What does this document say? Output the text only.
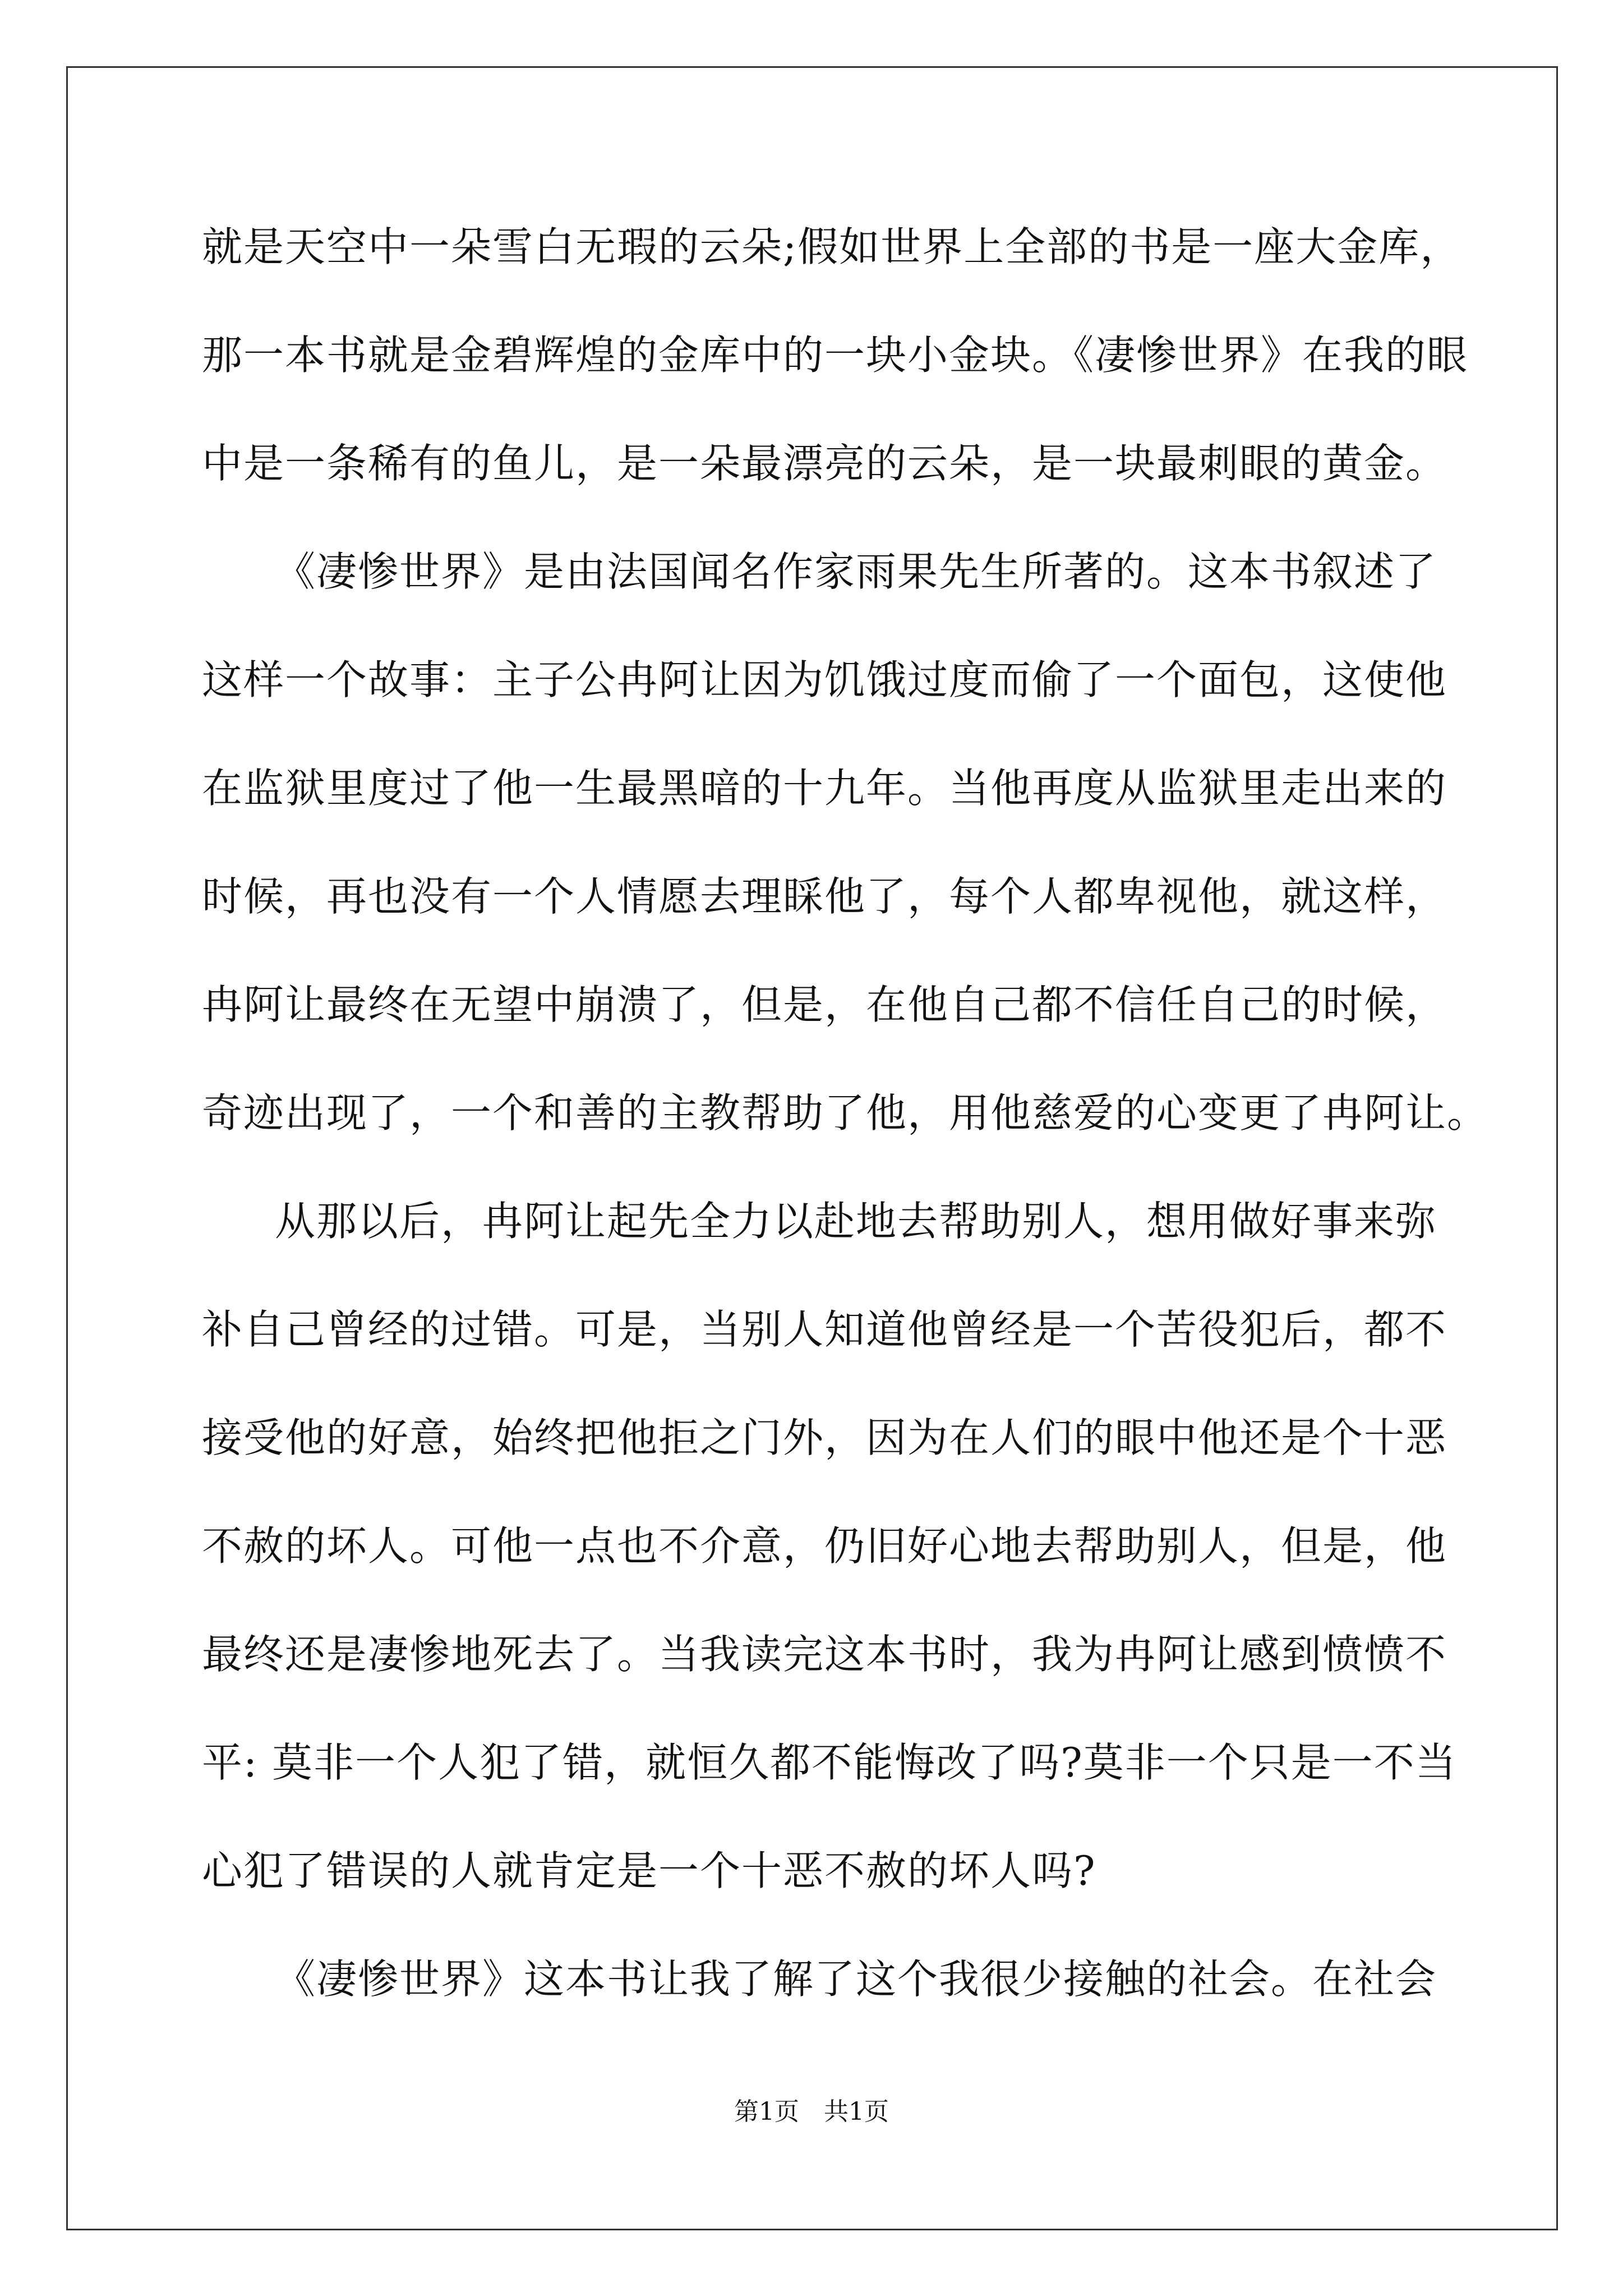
就是天空中一朵雪白无瑕的云朵;假如世界上全部的书是一座大金库，
那一本书就是金碧辉煌的金库中的一块小金块。《凄惨世界》在我的眼
中是一条稀有的鱼儿，是一朵最漂亮的云朵，是一块最刺眼的黄金。
《凄惨世界》是由法国闻名作家雨果先生所著的。这本书叙述了
这样一个故事：主子公冉阿让因为饥饿过度而偷了一个面包，这使他
在监狱里度过了他一生最黑暗的十九年。当他再度从监狱里走出来的
时候，再也没有一个人情愿去理睬他了，每个人都卑视他，就这样，
冉阿让最终在无望中崩溃了，但是，在他自己都不信任自己的时候，
奇迹出现了，一个和善的主教帮助了他，用他慈爱的心变更了冉阿让。
从那以后，冉阿让起先全力以赴地去帮助别人，想用做好事来弥
补自己曾经的过错。可是，当别人知道他曾经是一个苦役犯后，都不
接受他的好意，始终把他拒之门外，因为在人们的眼中他还是个十恶
不赦的坏人。可他一点也不介意，仍旧好心地去帮助别人，但是，他
最终还是凄惨地死去了。当我读完这本书时，我为冉阿让感到愤愤不
平: 莫非一个人犯了错，就恒久都不能悔改了吗?莫非一个只是一不当
心犯了错误的人就肯定是一个十恶不赦的坏人吗?
《凄惨世界》这本书让我了解了这个我很少接触的社会。在社会
第1页　共1页
